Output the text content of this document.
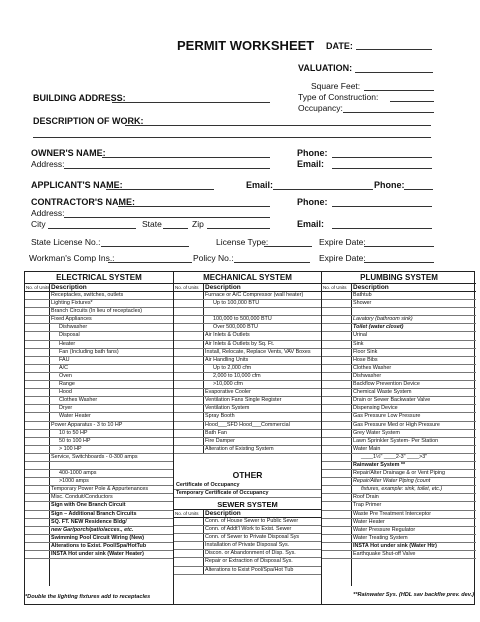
PERMIT WORKSHEET DATE:
VALUATION:
Square Feet:
Type of Construction:
Occupancy:
BUILDING ADDRESS:
DESCRIPTION OF WORK:
OWNER'S NAME:
Address:
Phone:
Email:
APPLICANT'S NAME:	Email:	Phone:
CONTRACTOR'S NAME:
Address:
City	State	Zip
Phone:
Email:
State License No.:	License Type:	Expire Date:
Workman's Comp Ins.:	Policy No.:	Expire Date:
ELECTRICAL SYSTEM
No. of Units Description
Receptacles, switches, outlets
Lighting Fixtures*
Branch Circuits (In lieu of receptacles)
Fixed Appliances
Dishwasher
Disposal
Heater
Fan (Including bath fans)
FAU
A/C
Oven
Range
Hood
Clothes Washer
Dryer
Water Heater
Power Apparatus - 3 to 10 HP
10 to 50 HP
50 to 100 HP
> 100 HP
Service, Switchboards - 0-300 amps
400-1000 amps
>1000 amps
Temporary Power Pole & Appurtenances
Misc. Conduit/Conductors
Sign with One Branch Circuit
Sign – Additional Branch Circuits
SQ. FT. NEW Residence Bldg/
new Gar/porch/patio/acces., etc.
Swimming Pool Circuit Wiring (New)
Alterations to Exist. Pool/Spa/HotTub
INSTA Hot under sink (Water Heater)
*Double the lighting fixtures add to receptacles
MECHANICAL SYSTEM
No. of Units Description
Furnace or A/C Compressor (wall heater)
Up to 100,000 BTU
100,000 to 500,000 BTU
Over 500,000 BTU
Air Inlets & Outlets
Air Inlets & Outlets by Sq. Ft.
Install, Relocate, Replace Vents, VAV Boxes
Air Handling Units
Up to 2,000 cfm
2,000 to 10,000 cfm
>10,000 cfm
Evaporative Cooler
Ventilation Fans Single Register
Ventilation System
Spray Booth
Hood___SFD Hood___Commercial
Bath Fan
Fire Damper
Alteration of Existing System
OTHER
Certificate of Occupancy
Temporary Certificate of Occupancy
SEWER SYSTEM
No. of Units Description
Conn. of House Sewer to Public Sewer
Conn. of Addt'l Work to Exist. Sewer
Conn. of Sewer to Private Disposal Sys
Installation of Private Disposal Sys.
Discon. or Abandonment of Disp. Sys.
Repair or Extraction of Disposal Sys.
Alterations to Exist Pool/Spa/Hot Tub
PLUMBING SYSTEM
No. of Units Description
Bathtub
Shower
Lavatory (bathroom sink)
Toilet (water closet)
Urinal
Sink
Floor Sink
Hose Bibs
Clothes Washer
Dishwasher
Backflow Prevention Device
Chemical Waste System
Drain or Sewer Backwater Valve
Dispensing Device
Gas Pressure Low Pressure
Gas Pressure Med or High Pressure
Grey Water System
Lawn Sprinkler System- Per Station
Water Main
____1½" ____2-3" ____>3"
Rainwater System **
Repair/Alter Drainage & or Vent Piping
Repair/Alter Water Piping (count
fixtures, example: sink, toilet, etc.)
Roof Drain
Trap Primer
Waste Pre Treatment Interceptor
Water Heater
Water Pressure Regulator
Water Treating System
INSTA Hot under sink (Water Htr)
Earthquake Shut-off Valve
**Rainwater Sys. (HDL sav backflw prev. dev.)
